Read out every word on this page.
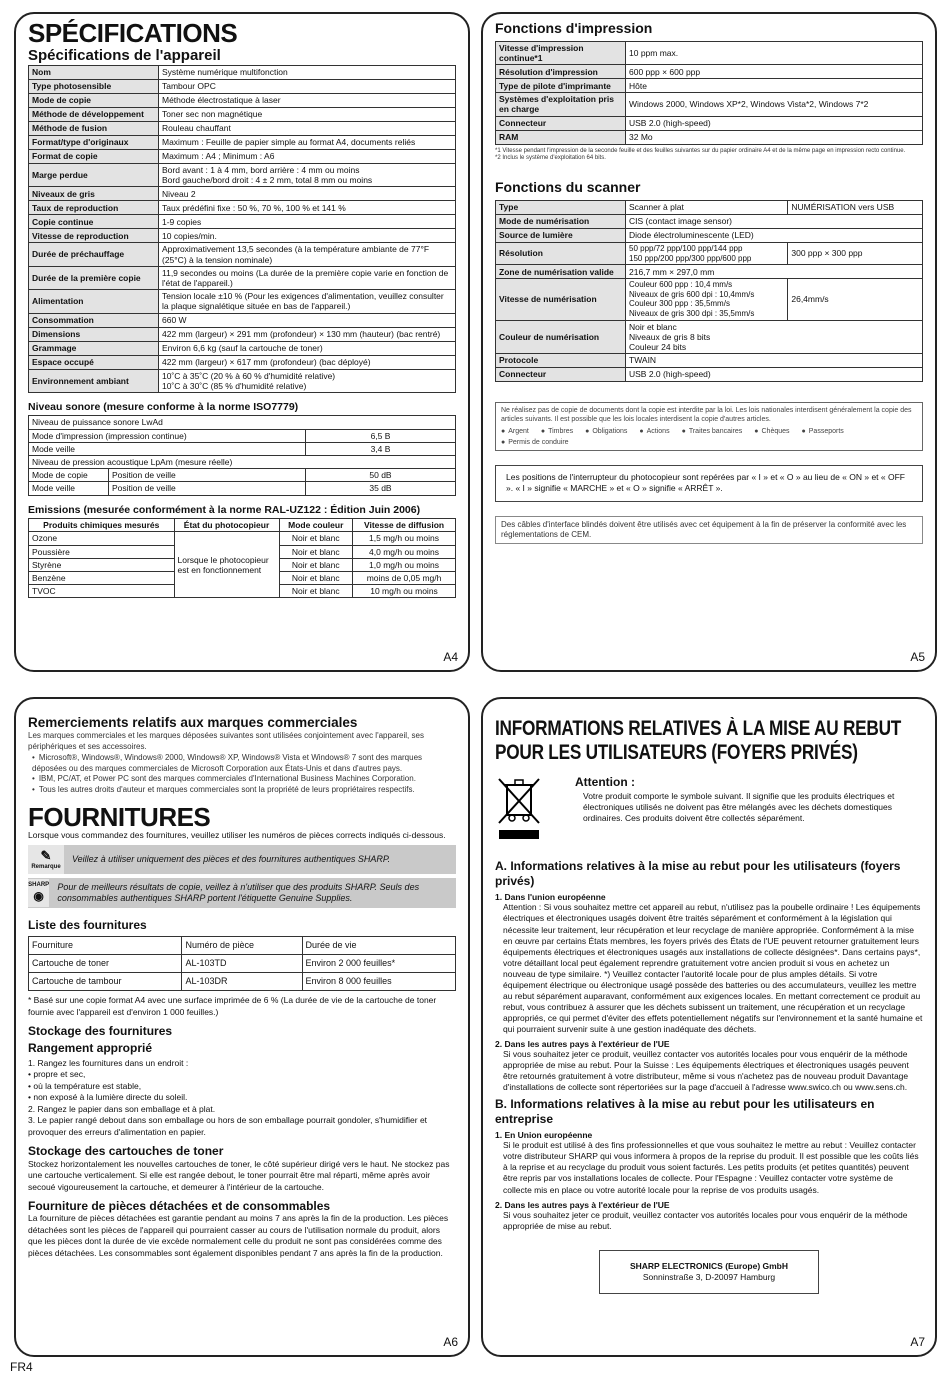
SPÉCIFICATIONS
Spécifications de l'appareil
Nom	Système numérique multifonction
Type photosensible	Tambour OPC
Mode de copie	Méthode électrostatique à laser
Méthode de développement	Toner sec non magnétique
Méthode de fusion	Rouleau chauffant
Format/type d'originaux	Maximum : Feuille de papier simple au format A4, documents reliés
Format de copie	Maximum : A4 ; Minimum : A6
Marge perdue	Bord avant : 1 à 4 mm, bord arrière : 4 mm ou moins
Bord gauche/bord droit : 4 ± 2 mm, total 8 mm ou moins
Niveaux de gris	Niveau 2
Taux de reproduction	Taux prédéfini fixe : 50 %, 70 %, 100 % et 141 %
Copie continue	1-9 copies
Vitesse de reproduction	10 copies/min.
Durée de préchauffage	Approximativement 13,5 secondes (à la température ambiante de 77°F (25°C) à la tension nominale)
Durée de la première copie	11,9 secondes ou moins (La durée de la première copie varie en fonction de l'état de l'appareil.)
Alimentation	Tension locale ±10 % (Pour les exigences d'alimentation, veuillez consulter la plaque signalétique située en bas de l'appareil.)
Consommation	660 W
Dimensions	422 mm (largeur) × 291 mm (profondeur) × 130 mm (hauteur) (bac rentré)
Grammage	Environ 6,6 kg (sauf la cartouche de toner)
Espace occupé	422 mm (largeur) × 617 mm (profondeur) (bac déployé)
Environnement ambiant	10˚C à 35˚C (20 % à 60 % d'humidité relative)
10˚C à 30˚C (85 % d'humidité relative)
Niveau sonore (mesure conforme à la norme ISO7779)
Niveau de puissance sonore LwAd		
Mode d'impression (impression continue)		6,5 B
Mode veille		3,4 B
Niveau de pression acoustique LpAm (mesure réelle)		
Mode de copie	Position de veille	50 dB
Mode veille	Position de veille	35 dB
Emissions (mesurée conformément à la norme RAL-UZ122 : Édition Juin 2006)
Produits chimiques mesurés	État du photocopieur	Mode couleur	Vitesse de diffusion
Ozone	Lorsque le photocopieur est en fonctionnement	Noir et blanc	1,5 mg/h ou moins
Poussière		Noir et blanc	4,0 mg/h ou moins
Styrène		Noir et blanc	1,0 mg/h ou moins
Benzène		Noir et blanc	moins de 0,05 mg/h
TVOC		Noir et blanc	10 mg/h ou moins
A4
Fonctions d'impression
Vitesse d'impression continue*1	10 ppm max.
Résolution d'impression	600 ppp × 600 ppp
Type de pilote d'imprimante	Hôte
Systèmes d'exploitation pris en charge	Windows 2000, Windows XP*2, Windows Vista*2, Windows 7*2
Connecteur	USB 2.0 (high-speed)
RAM	32 Mo

*1 Vitesse pendant l'impression de la seconde feuille et des feuilles suivantes sur du papier ordinaire A4 et de la même page en impression recto continue.

*2 Inclus le système d'exploitation 64 bits.

Fonctions du scanner
Type	Scanner à plat	NUMÉRISATION vers USB
Mode de numérisation	CIS (contact image sensor)	
Source de lumière	Diode électroluminescente (LED)	
Résolution	50 ppp/72 ppp/100 ppp/144 ppp
150 ppp/200 ppp/300 ppp/600 ppp	300 ppp × 300 ppp
Zone de numérisation valide	216,7 mm × 297,0 mm	
Vitesse de numérisation	Couleur 600 ppp : 10,4 mm/s
Niveaux de gris 600 dpi : 10,4mm/s
Couleur 300 ppp : 35,5mm/s
Niveaux de gris 300 dpi : 35,5mm/s	26,4mm/s
Couleur de numérisation	Noir et blanc
Niveaux de gris 8 bits
Couleur 24 bits	
Protocole	TWAIN	
Connecteur	USB 2.0 (high-speed)	

Ne réalisez pas de copie de documents dont la copie est interdite par la loi. Les lois nationales interdisent généralement la copie des articles suivants. Il est possible que les lois locales interdisent la copie d'autres articles.

● Argent	● Timbres	● Obligations	● Actions	● Traites bancaires	● Chèques	● Passeports
● Permis de conduire
Les positions de l'interrupteur du photocopieur sont repérées par « I » et « O » au lieu de « ON » et « OFF ». « I » signifie « MARCHE » et « O » signifie « ARRÊT ».
Des câbles d'interface blindés doivent être utilisés avec cet équipement à la fin de préserver la conformité avec les réglementations de CEM.
A5
Remerciements relatifs aux marques commerciales

Les marques commerciales et les marques déposées suivantes sont utilisées conjointement avec l'appareil, ses périphériques et ses accessoires.

• Microsoft®, Windows®, Windows® 2000, Windows® XP, Windows® Vista et Windows® 7 sont des marques déposées ou des marques commerciales de Microsoft Corporation aux États-Unis et dans d'autres pays.
• IBM, PC/AT, et Power PC sont des marques commerciales d'International Business Machines Corporation.
• Tous les autres droits d'auteur et marques commerciales sont la propriété de leurs propriétaires respectifs.
FOURNITURES

Lorsque vous commandez des fournitures, veuillez utiliser les numéros de pièces corrects indiqués ci-dessous.

✎
Remarque
Veillez à utiliser uniquement des pièces et des fournitures authentiques SHARP.
SHARP
◉
Pour de meilleurs résultats de copie, veillez à n'utiliser que des produits SHARP. Seuls des consommables authentiques SHARP portent l'étiquette Genuine Supplies.
Liste des fournitures
Fourniture	Numéro de pièce	Durée de vie
Cartouche de toner	AL-103TD	Environ 2 000 feuilles*
Cartouche de tambour	AL-103DR	Environ 8 000 feuilles

* Basé sur une copie format A4 avec une surface imprimée de 6 % (La durée de vie de la cartouche de toner fournie avec l'appareil est d'environ 1 000 feuilles.)

Stockage des fournitures
Rangement approprié

1. Rangez les fournitures dans un endroit :

• propre et sec,

• où la température est stable,

• non exposé à la lumière directe du soleil.

2. Rangez le papier dans son emballage et à plat.

3. Le papier rangé debout dans son emballage ou hors de son emballage pourrait gondoler, s'humidifier et provoquer des erreurs d'alimentation en papier.

Stockage des cartouches de toner

Stockez horizontalement les nouvelles cartouches de toner, le côté supérieur dirigé vers le haut. Ne stockez pas une cartouche verticalement. Si elle est rangée debout, le toner pourrait être mal réparti, même après avoir secoué vigoureusement la cartouche, et demeurer à l'intérieur de la cartouche.

Fourniture de pièces détachées et de consommables

La fourniture de pièces détachées est garantie pendant au moins 7 ans après la fin de la production. Les pièces détachées sont les pièces de l'appareil qui pourraient casser au cours de l'utilisation normale du produit, alors que les pièces dont la durée de vie excède normalement celle du produit ne sont pas considérées comme des pièces détachées. Les consommables sont également disponibles pendant 7 ans après la fin de la production.

A6
INFORMATIONS RELATIVES À LA MISE AU REBUT POUR LES UTILISATEURS (FOYERS PRIVÉS)

Attention :

Votre produit comporte le symbole suivant. Il signifie que les produits électriques et électroniques utilisés ne doivent pas être mélangés avec les déchets domestiques ordinaires. Ces produits doivent être collectés séparément.

A. Informations relatives à la mise au rebut pour les utilisateurs (foyers privés)
1. Dans l'union européenne

Attention : Si vous souhaitez mettre cet appareil au rebut, n'utilisez pas la poubelle ordinaire ! Les équipements électriques et électroniques usagés doivent être traités séparément et conformément à la législation qui nécessite leur traitement, leur récupération et leur recyclage de manière appropriée. Conformément à la mise en œuvre par certains États membres, les foyers privés des États de l'UE peuvent retourner gratuitement leurs équipements électriques et électroniques usagés aux installations de collecte désignées*. Dans certains pays*, votre détaillant local peut également reprendre gratuitement votre ancien produit si vous en achetez un nouveau de type similaire. *) Veuillez contacter l'autorité locale pour de plus amples détails. Si votre équipement électrique ou électronique usagé possède des batteries ou des accumulateurs, veuillez les mettre au rebut séparément auparavant, conformément aux exigences locales. En mettant correctement ce produit au rebut, vous contribuez à assurer que les déchets subissent un traitement, une récupération et un recyclage appropriés, ce qui permet d'éviter des effets potentiellement négatifs sur l'environnement et la santé humaine et qui pourraient survenir suite à une gestion inadéquate des déchets.

2. Dans les autres pays à l'extérieur de l'UE

Si vous souhaitez jeter ce produit, veuillez contacter vos autorités locales pour vous enquérir de la méthode appropriée de mise au rebut. Pour la Suisse : Les équipements électriques et électroniques usagés peuvent être retournés gratuitement à votre distributeur, même si vous n'achetez pas de nouveau produit Davantage d'installations de collecte sont répertoriées sur la page d'accueil à l'adresse www.swico.ch ou www.sens.ch.

B. Informations relatives à la mise au rebut pour les utilisateurs en entreprise
1. En Union européenne

Si le produit est utilisé à des fins professionnelles et que vous souhaitez le mettre au rebut : Veuillez contacter votre distributeur SHARP qui vous informera à propos de la reprise du produit. Il est possible que les coûts liés à la reprise et au recyclage du produit vous soient facturés. Les petits produits (et petites quantités) peuvent être repris par vos installations locales de collecte. Pour l'Espagne : Veuillez contacter votre système de collecte mis en place ou votre autorité locale pour la reprise de vos produits usagés.

2. Dans les autres pays à l'extérieur de l'UE

Si vous souhaitez jeter ce produit, veuillez contacter vos autorités locales pour vous enquérir de la méthode appropriée de mise au rebut.

SHARP ELECTRONICS (Europe) GmbH

Sonninstraße 3, D-20097 Hamburg

A7
FR4
